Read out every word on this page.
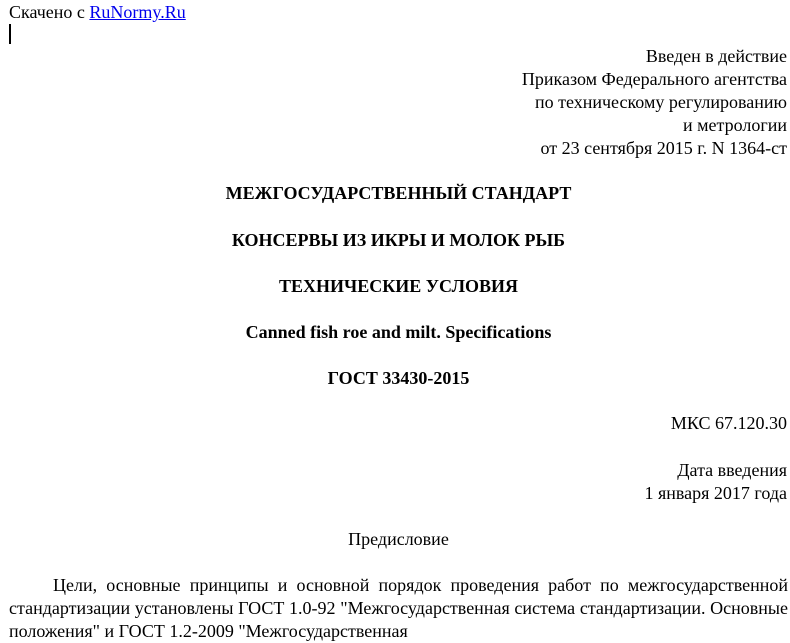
Скачено с RuNormy.Ru
Введен в действие
Приказом Федерального агентства
по техническому регулированию
и метрологии
от 23 сентября 2015 г. N 1364-ст
МЕЖГОСУДАРСТВЕННЫЙ СТАНДАРТ
КОНСЕРВЫ ИЗ ИКРЫ И МОЛОК РЫБ
ТЕХНИЧЕСКИЕ УСЛОВИЯ
Canned fish roe and milt. Specifications
ГОСТ 33430-2015
МКС 67.120.30
Дата введения
1 января 2017 года
Предисловие

Цели, основные принципы и основной порядок проведения работ по межгосударственной стандартизации установлены ГОСТ 1.0-92 "Межгосударственная система стандартизации. Основные положения" и ГОСТ 1.2-2009 "Межгосударственная
